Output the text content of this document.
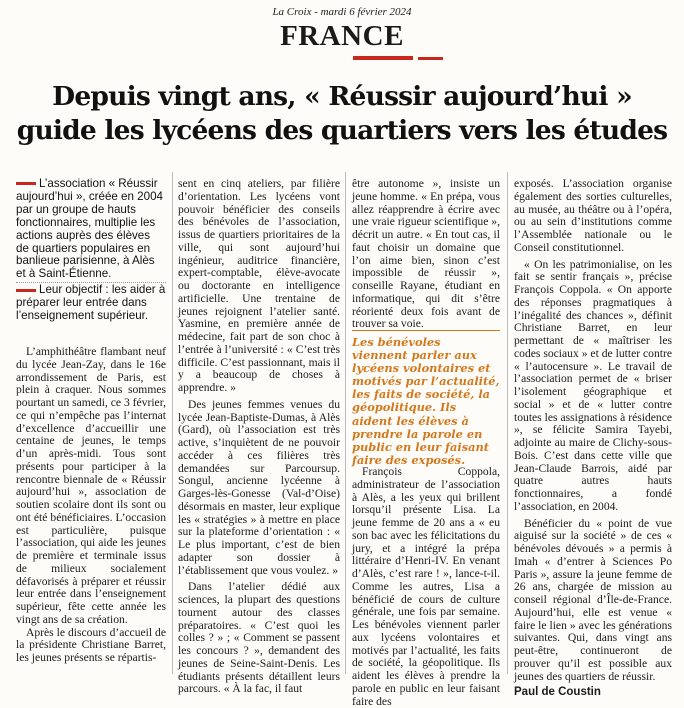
La Croix - mardi 6 février 2024
FRANCE
Depuis vingt ans, « Réussir aujourd’hui »
guide les lycéens des quartiers vers les études

L’association « Réussir aujourd’hui », créée en 2004 par un groupe de hauts fonctionnaires, multiplie les actions auprès des élèves de quartiers populaires en banlieue parisienne, à Alès et à Saint-Étienne.

Leur objectif : les aider à préparer leur entrée dans l’enseignement supérieur.

L’amphithéâtre flambant neuf du lycée Jean-Zay, dans le 16e arrondissement de Paris, est plein à craquer. Nous sommes pourtant un samedi, ce 3 février, ce qui n’empêche pas l’internat d’excellence d’accueillir une centaine de jeunes, le temps d’un après-midi. Tous sont présents pour participer à la rencontre biennale de « Réussir aujourd’hui », association de soutien scolaire dont ils sont ou ont été bénéficiaires. L’occasion est particulière, puisque l’association, qui aide les jeunes de première et terminale issus de milieux socialement défavorisés à préparer et réussir leur entrée dans l’enseignement supérieur, fête cette année les vingt ans de sa création.

Après le discours d’accueil de la présidente Christiane Barret, les jeunes présents se répartis-

sent en cinq ateliers, par filière d’orientation. Les lycéens vont pouvoir bénéficier des conseils des bénévoles de l’association, issus de quartiers prioritaires de la ville, qui sont aujourd’hui ingénieur, auditrice financière, expert-comptable, élève-avocate ou doctorante en intelligence artificielle. Une trentaine de jeunes rejoignent l’atelier santé. Yasmine, en première année de médecine, fait part de son choc à l’entrée à l’université : « C’est très difficile. C’est passionnant, mais il y a beaucoup de choses à apprendre. »

Des jeunes femmes venues du lycée Jean-Baptiste-Dumas, à Alès (Gard), où l’association est très active, s’inquiètent de ne pouvoir accéder à ces filières très demandées sur Parcoursup. Songul, ancienne lycéenne à Garges-lès-Gonesse (Val-d’Oise) désormais en master, leur explique les « stratégies » à mettre en place sur la plateforme d’orientation : « Le plus important, c’est de bien adapter son dossier à l’établissement que vous voulez. »

Dans l’atelier dédié aux sciences, la plupart des questions tournent autour des classes préparatoires. « C’est quoi les colles ? » ; « Comment se passent les concours ? », demandent des jeunes de Seine-Saint-Denis. Les étudiants présents détaillent leurs parcours. « À la fac, il faut

être autonome », insiste un jeune homme. « En prépa, vous allez réapprendre à écrire avec une vraie rigueur scientifique », décrit un autre. « En tout cas, il faut choisir un domaine que l’on aime bien, sinon c’est impossible de réussir », conseille Rayane, étudiant en informatique, qui dit s’être réorienté deux fois avant de trouver sa voie.

Les bénévoles viennent parler aux lycéens volontaires et motivés par l’actualité, les faits de société, la géopolitique. Ils aident les élèves à prendre la parole en public en leur faisant faire des exposés.

François Coppola, administrateur de l’association à Alès, a les yeux qui brillent lorsqu’il présente Lisa. La jeune femme de 20 ans a « eu son bac avec les félicitations du jury, et a intégré la prépa littéraire d’Henri-IV. En venant d’Alès, c’est rare ! », lance-t-il. Comme les autres, Lisa a bénéficié de cours de culture générale, une fois par semaine. Les bénévoles viennent parler aux lycéens volontaires et motivés par l’actualité, les faits de société, la géopolitique. Ils aident les élèves à prendre la parole en public en leur faisant faire des

exposés. L’association organise également des sorties culturelles, au musée, au théâtre ou à l’opéra, ou au sein d’institutions comme l’Assemblée nationale ou le Conseil constitutionnel.

« On les patrimonialise, on les fait se sentir français », précise François Coppola. « On apporte des réponses pragmatiques à l’inégalité des chances », définit Christiane Barret, en leur permettant de « maîtriser les codes sociaux » et de lutter contre « l’autocensure ». Le travail de l’association permet de « briser l’isolement géographique et social » et de « lutter contre toutes les assignations à résidence », se félicite Samira Tayebi, adjointe au maire de Clichy-sous-Bois. C’est dans cette ville que Jean-Claude Barrois, aidé par quatre autres hauts fonctionnaires, a fondé l’association, en 2004.

Bénéficier du « point de vue aiguisé sur la société » de ces « bénévoles dévoués » a permis à Imah « d’entrer à Sciences Po Paris », assure la jeune femme de 26 ans, chargée de mission au conseil régional d’Île-de-France. Aujourd’hui, elle est venue « faire le lien » avec les générations suivantes. Qui, dans vingt ans peut-être, continueront de prouver qu’il est possible aux jeunes des quartiers de réussir.

Paul de Coustin
